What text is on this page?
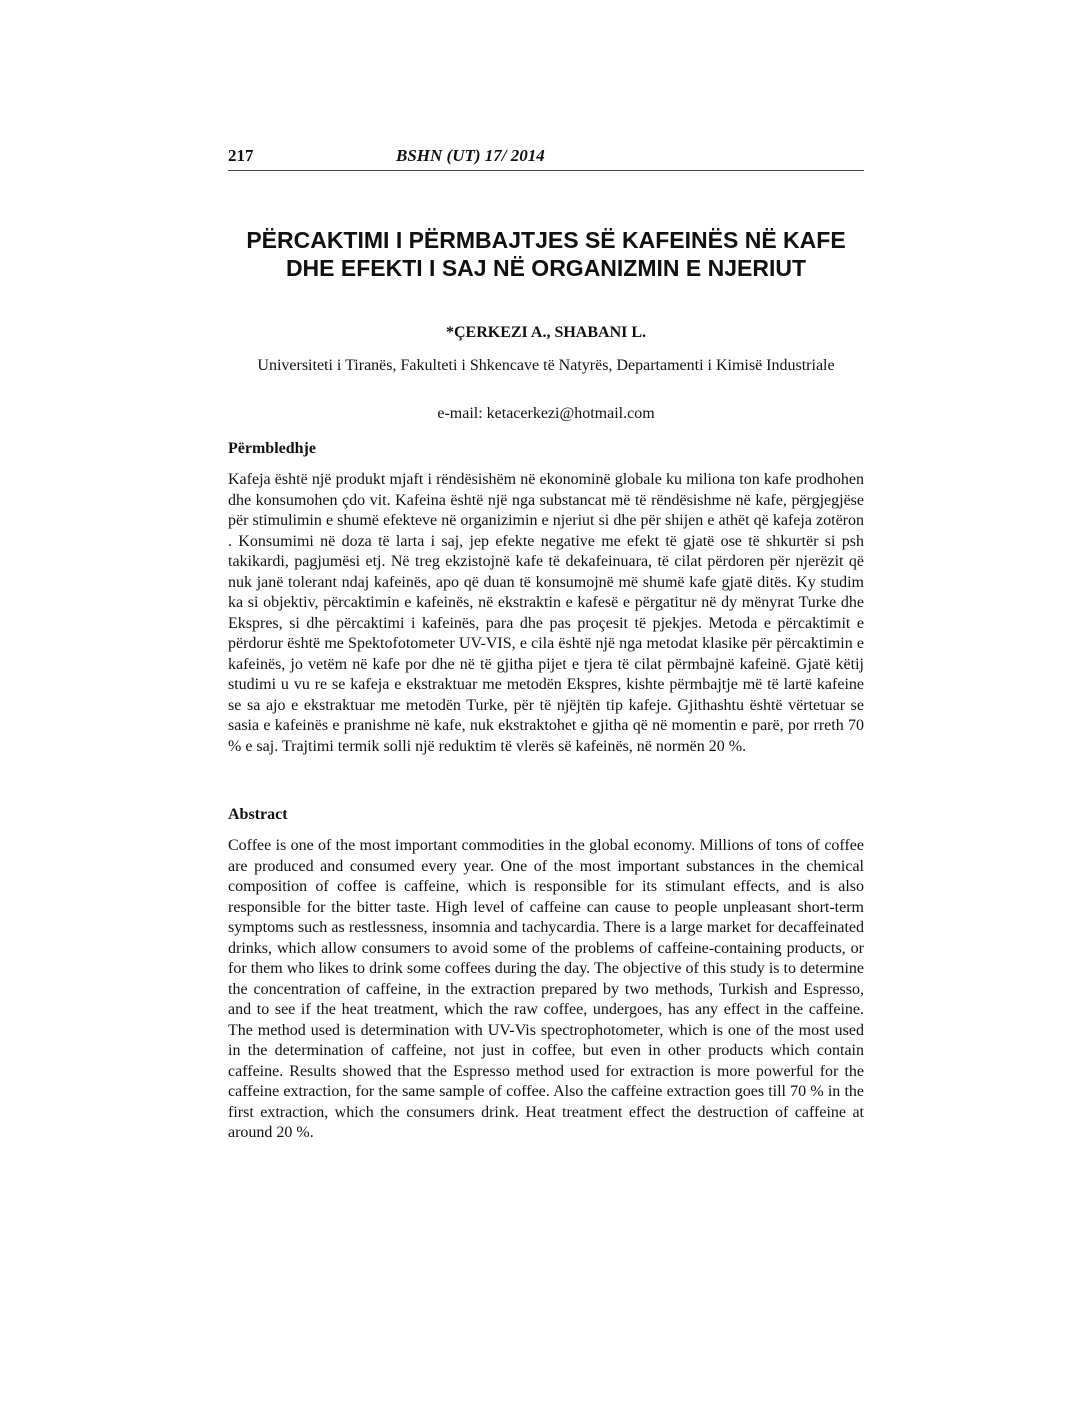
217	BSHN (UT) 17/ 2014
PËRCAKTIMI I PËRMBAJTJES SË KAFEINËS NË KAFE DHE EFEKTI I SAJ NË ORGANIZMIN E NJERIUT
*ÇERKEZI A., SHABANI L.
Universiteti i Tiranës, Fakulteti i Shkencave të Natyrës, Departamenti i Kimisë Industriale
e-mail: ketacerkezi@hotmail.com
Përmbledhje

Kafeja është një produkt mjaft i rëndësishëm në ekonominë globale ku miliona ton kafe prodhohen dhe konsumohen çdo vit. Kafeina është një nga substancat më të rëndësishme në kafe, përgjegjëse për stimulimin e shumë efekteve në organizimin e njeriut si dhe për shijen e athët që kafeja zotëron . Konsumimi në doza të larta i saj, jep efekte negative me efekt të gjatë ose të shkurtër si psh takikardi, pagjumësi etj. Në treg ekzistojnë kafe të dekafeinuara, të cilat përdoren për njerëzit që nuk janë tolerant ndaj kafeinës, apo që duan të konsumojnë më shumë kafe gjatë ditës. Ky studim ka si objektiv, përcaktimin e kafeinës, në ekstraktin e kafesë e përgatitur në dy mënyrat Turke dhe Ekspres, si dhe përcaktimi i kafeinës, para dhe pas proçesit të pjekjes. Metoda e përcaktimit e përdorur është me Spektofotometer UV-VIS, e cila është një nga metodat klasike për përcaktimin e kafeinës, jo vetëm në kafe por dhe në të gjitha pijet e tjera të cilat përmbajnë kafeinë. Gjatë këtij studimi u vu re se kafeja e ekstraktuar me metodën Ekspres, kishte përmbajtje më të lartë kafeine se sa ajo e ekstraktuar me metodën Turke, për të njëjtën tip kafeje. Gjithashtu është vërtetuar se sasia e kafeinës e pranishme në kafe, nuk ekstraktohet e gjitha që në momentin e parë, por rreth 70 % e saj. Trajtimi termik solli një reduktim të vlerës së kafeinës, në normën 20 %.

Abstract

Coffee is one of the most important commodities in the global economy. Millions of tons of coffee are produced and consumed every year. One of the most important substances in the chemical composition of coffee is caffeine, which is responsible for its stimulant effects, and is also responsible for the bitter taste. High level of caffeine can cause to people unpleasant short-term symptoms such as restlessness, insomnia and tachycardia. There is a large market for decaffeinated drinks, which allow consumers to avoid some of the problems of caffeine-containing products, or for them who likes to drink some coffees during the day. The objective of this study is to determine the concentration of caffeine, in the extraction prepared by two methods, Turkish and Espresso, and to see if the heat treatment, which the raw coffee, undergoes, has any effect in the caffeine. The method used is determination with UV-Vis spectrophotometer, which is one of the most used in the determination of caffeine, not just in coffee, but even in other products which contain caffeine. Results showed that the Espresso method used for extraction is more powerful for the caffeine extraction, for the same sample of coffee. Also the caffeine extraction goes till 70 % in the first extraction, which the consumers drink. Heat treatment effect the destruction of caffeine at around 20 %.
